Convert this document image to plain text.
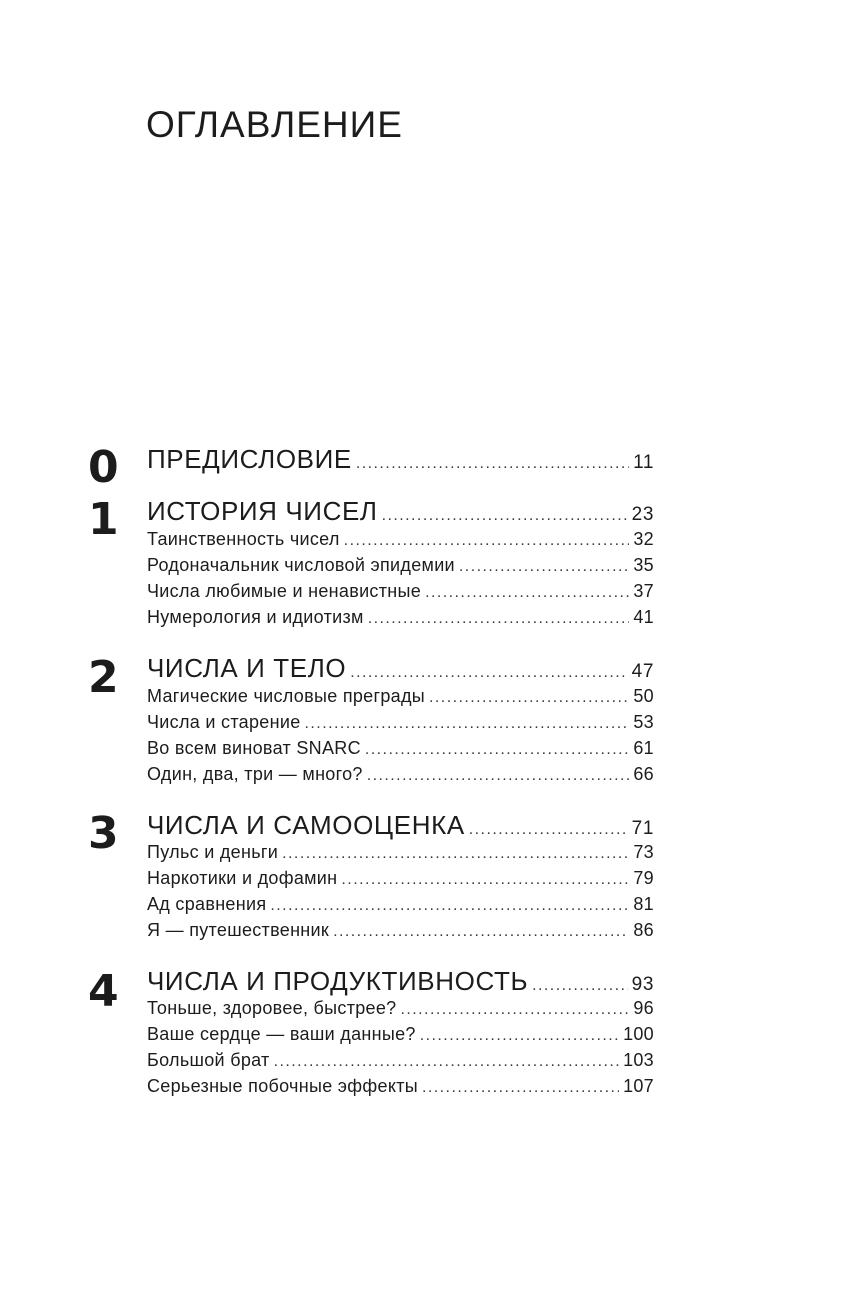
ОГЛАВЛЕНИЕ
0 ПРЕДИСЛОВИЕ . . .	11
1 ИСТОРИЯ ЧИСЕЛ . . .	23
Таинственность чисел . . .	32
Родоначальник числовой эпидемии . . .	35
Числа любимые и ненавистные . . .	37
Нумерология и идиотизм . . .	41
2 ЧИСЛА И ТЕЛО . . .	47
Магические числовые преграды . . .	50
Числа и старение . . .	53
Во всем виноват SNARC . . .	61
Один, два, три — много? . . .	66
3 ЧИСЛА И САМООЦЕНКА . . .	71
Пульс и деньги . . .	73
Наркотики и дофамин . . .	79
Ад сравнения . . .	81
Я — путешественник . . .	86
4 ЧИСЛА И ПРОДУКТИВНОСТЬ . . .	93
Тоньше, здоровее, быстрее? . . .	96
Ваше сердце — ваши данные? . . .	100
Большой брат . . .	103
Серьезные побочные эффекты . . .	107
